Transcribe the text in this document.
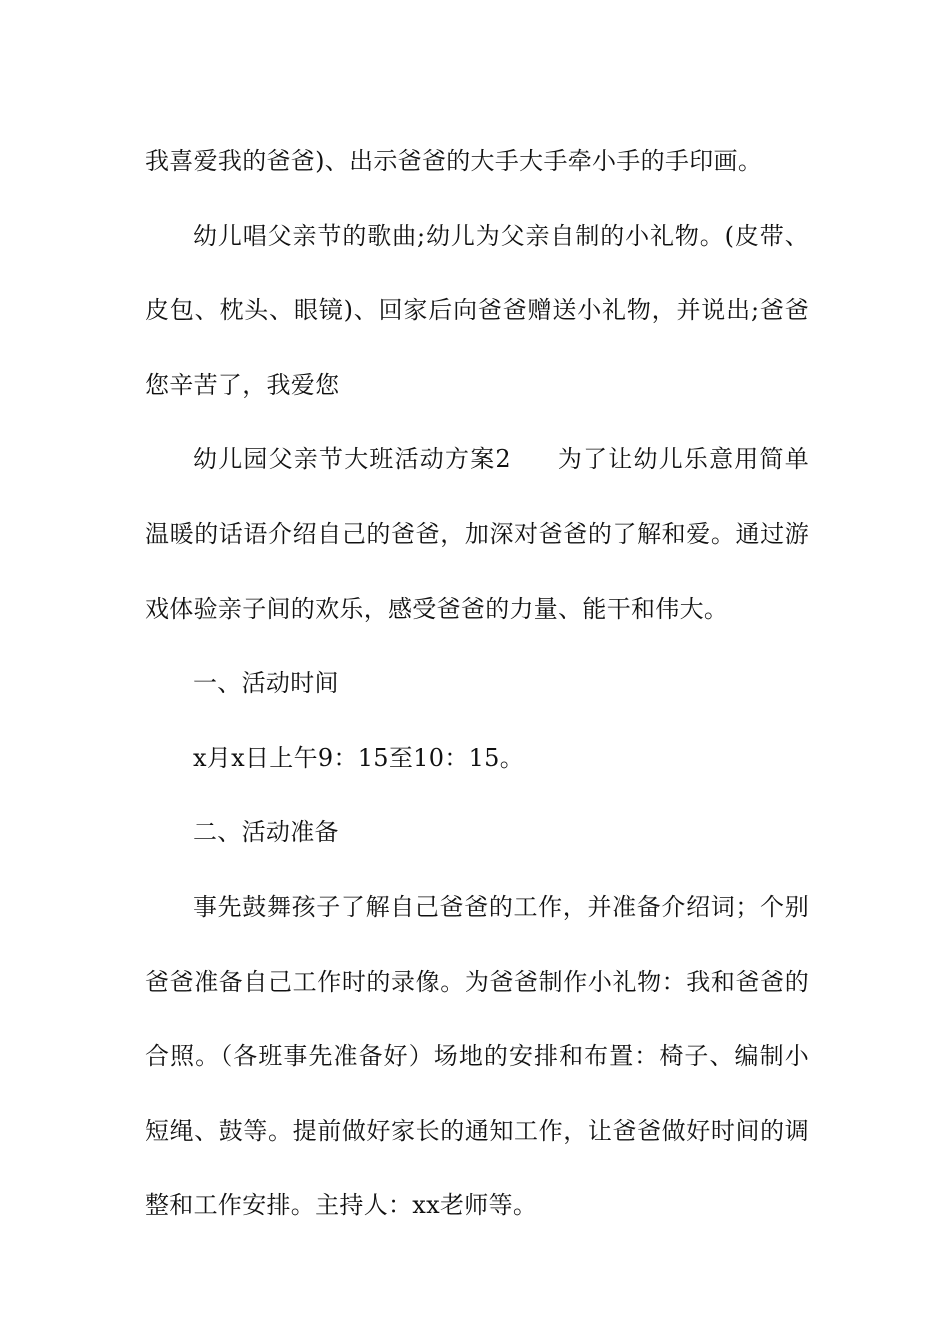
我喜爱我的爸爸)、出示爸爸的大手大手牵小手的手印画。

幼儿唱父亲节的歌曲;幼儿为父亲自制的小礼物。(皮带、皮包、枕头、眼镜)、回家后向爸爸赠送小礼物，并说出;爸爸您辛苦了，我爱您

幼儿园父亲节大班活动方案2 为了让幼儿乐意用简单温暖的话语介绍自己的爸爸，加深对爸爸的了解和爱。通过游戏体验亲子间的欢乐，感受爸爸的力量、能干和伟大。

一、活动时间

x月x日上午9：15至10：15。

二、活动准备

事先鼓舞孩子了解自己爸爸的工作，并准备介绍词；个别爸爸准备自己工作时的录像。为爸爸制作小礼物：我和爸爸的合照。（各班事先准备好）场地的安排和布置：椅子、编制小短绳、鼓等。提前做好家长的通知工作，让爸爸做好时间的调整和工作安排。主持人：xx老师等。
